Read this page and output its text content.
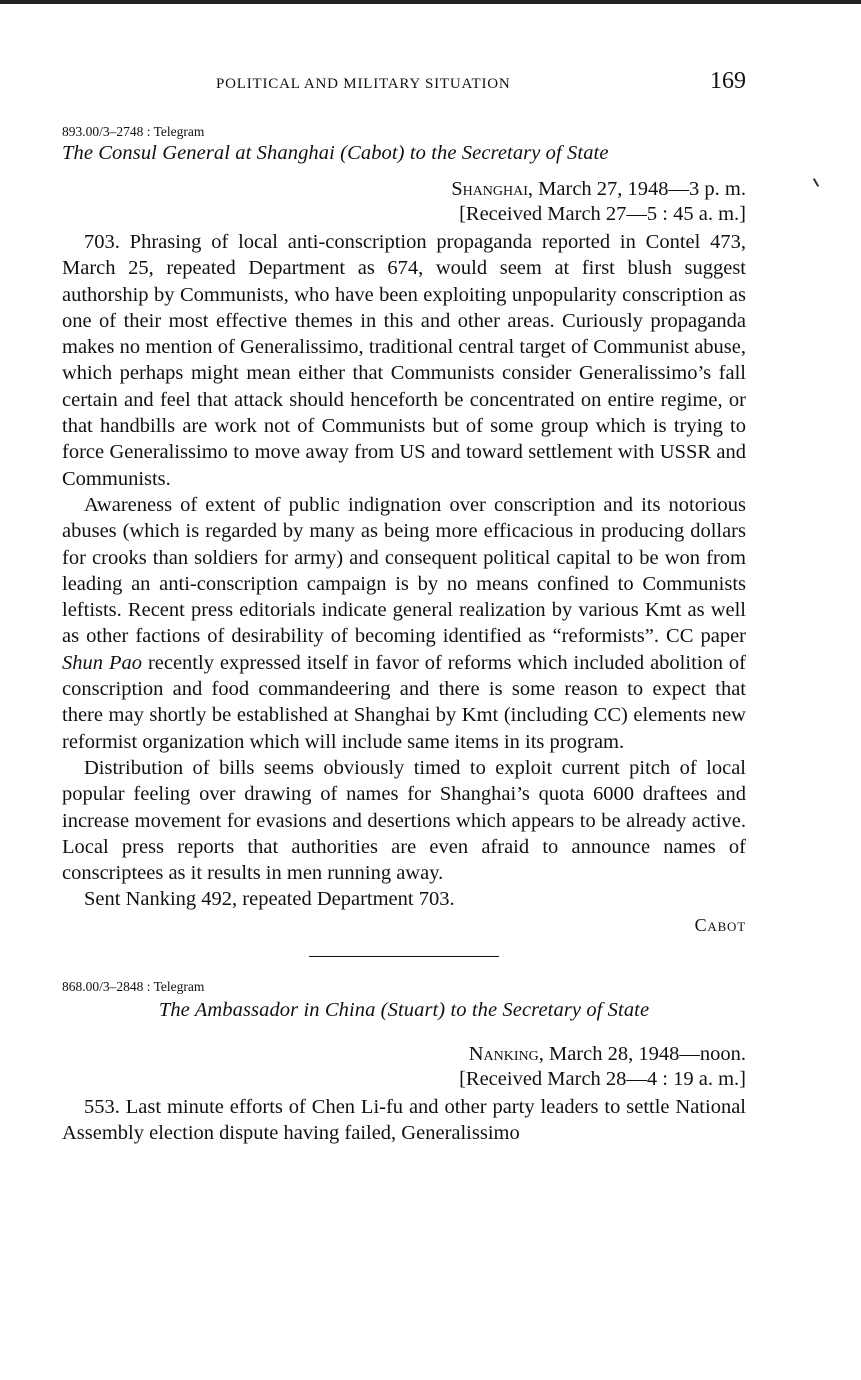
POLITICAL AND MILITARY SITUATION	169
893.00/3–2748 : Telegram
The Consul General at Shanghai (Cabot) to the Secretary of State
Shanghai, March 27, 1948—3 p. m.
[Received March 27—5 : 45 a. m.]

703. Phrasing of local anti-conscription propaganda reported in Contel 473, March 25, repeated Department as 674, would seem at first blush suggest authorship by Communists, who have been exploiting unpopularity conscription as one of their most effective themes in this and other areas. Curiously propaganda makes no mention of Generalissimo, traditional central target of Communist abuse, which perhaps might mean either that Communists consider Generalissimo’s fall certain and feel that attack should henceforth be concentrated on entire regime, or that handbills are work not of Communists but of some group which is trying to force Generalissimo to move away from US and toward settlement with USSR and Communists.

Awareness of extent of public indignation over conscription and its notorious abuses (which is regarded by many as being more efficacious in producing dollars for crooks than soldiers for army) and consequent political capital to be won from leading an anti-conscription campaign is by no means confined to Communists leftists. Recent press editorials indicate general realization by various Kmt as well as other factions of desirability of becoming identified as “reformists”. CC paper Shun Pao recently expressed itself in favor of reforms which included abolition of conscription and food commandeering and there is some reason to expect that there may shortly be established at Shanghai by Kmt (including CC) elements new reformist organization which will include same items in its program.

Distribution of bills seems obviously timed to exploit current pitch of local popular feeling over drawing of names for Shanghai’s quota 6000 draftees and increase movement for evasions and desertions which appears to be already active. Local press reports that authorities are even afraid to announce names of conscriptees as it results in men running away.

Sent Nanking 492, repeated Department 703.

Cabot
868.00/3–2848 : Telegram
The Ambassador in China (Stuart) to the Secretary of State
Nanking, March 28, 1948—noon.
[Received March 28—4 : 19 a. m.]

553. Last minute efforts of Chen Li-fu and other party leaders to settle National Assembly election dispute having failed, Generalissimo
